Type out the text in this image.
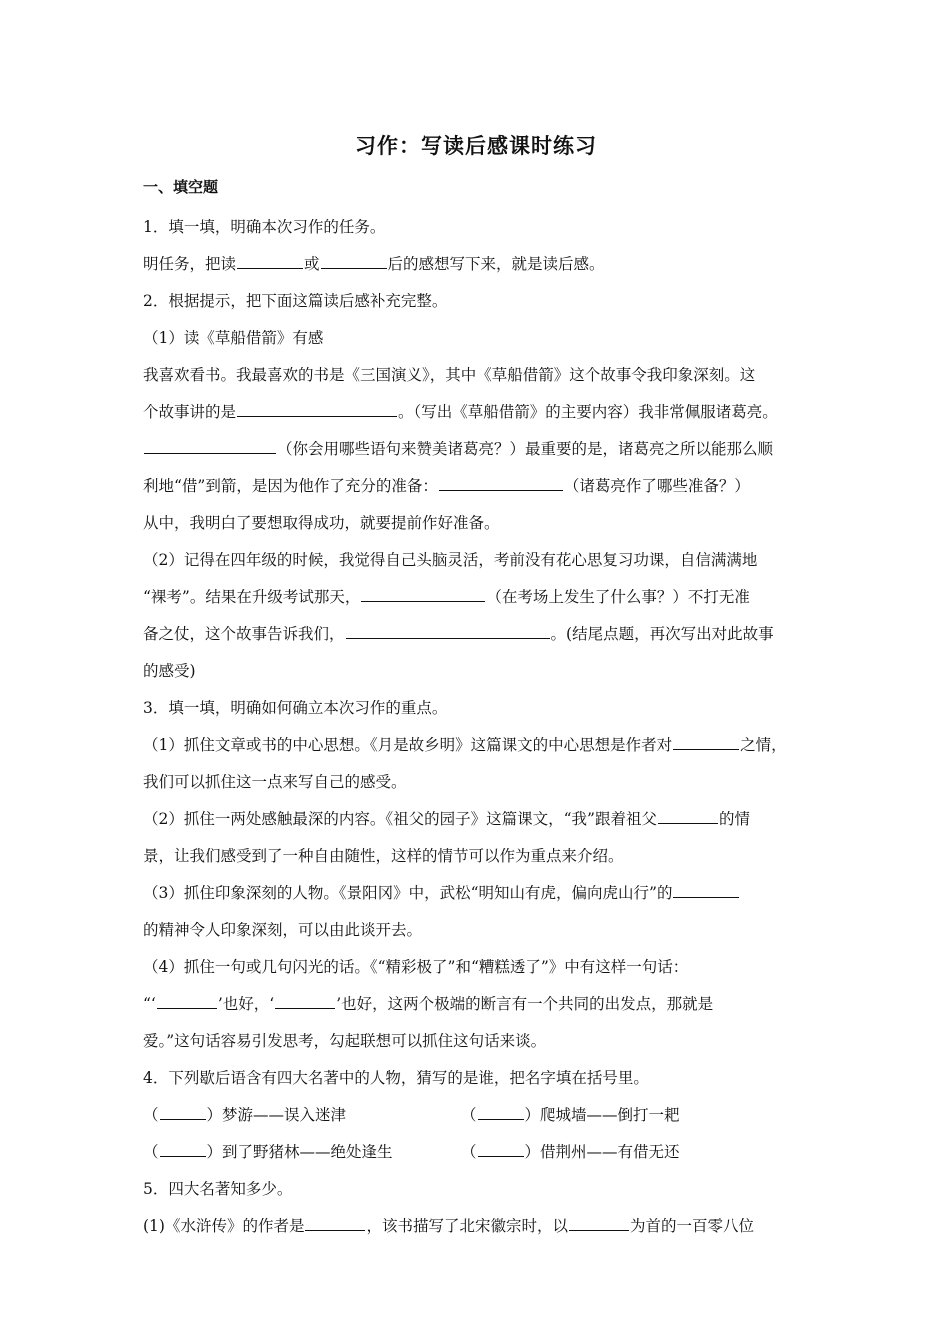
习作：写读后感课时练习
一、填空题
1．填一填，明确本次习作的任务。
明任务，把读	或	后的感想写下来，就是读后感。
2．根据提示，把下面这篇读后感补充完整。
（1）读《草船借箭》有感
我喜欢看书。我最喜欢的书是《三国演义》，其中《草船借箭》这个故事令我印象深刻。这
个故事讲的是	。（写出《草船借箭》的主要内容）我非常佩服诸葛亮。
（你会用哪些语句来赞美诸葛亮？）最重要的是，诸葛亮之所以能那么顺
利地“借”到箭，是因为他作了充分的准备：	（诸葛亮作了哪些准备？）
从中，我明白了要想取得成功，就要提前作好准备。
（2）记得在四年级的时候，我觉得自己头脑灵活，考前没有花心思复习功课，自信满满地
“裸考”。结果在升级考试那天，	（在考场上发生了什么事？）不打无准
备之仗，这个故事告诉我们，	。(结尾点题，再次写出对此故事
的感受)
3．填一填，明确如何确立本次习作的重点。
（1）抓住文章或书的中心思想。《月是故乡明》这篇课文的中心思想是作者对	之情，
我们可以抓住这一点来写自己的感受。
（2）抓住一两处感触最深的内容。《祖父的园子》这篇课文，“我”跟着祖父	的情
景，让我们感受到了一种自由随性，这样的情节可以作为重点来介绍。
（3）抓住印象深刻的人物。《景阳冈》中，武松“明知山有虎，偏向虎山行”的
的精神令人印象深刻，可以由此谈开去。
（4）抓住一句或几句闪光的话。《“精彩极了”和“糟糕透了”》中有这样一句话：
“‘	’也好，‘	’也好，这两个极端的断言有一个共同的出发点，那就是
爱。”这句话容易引发思考，勾起联想可以抓住这句话来谈。
4．下列歇后语含有四大名著中的人物，猜写的是谁，把名字填在括号里。
（	）梦游——误入迷津	（	）爬城墙——倒打一耙
（	）到了野猪林——绝处逢生	（	）借荆州——有借无还
5．四大名著知多少。
(1)《水浒传》的作者是	，该书描写了北宋徽宗时，以	为首的一百零八位
